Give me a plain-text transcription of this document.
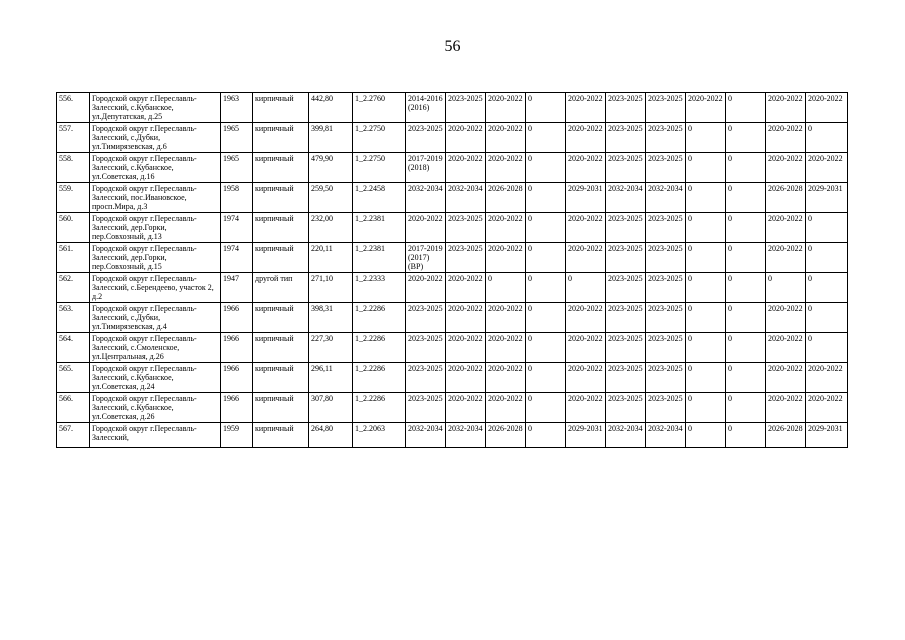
56
556.	Городской округ г.Переславль-Залесский, с.Кубанское, ул.Депутатская, д.25	1963	кирпичный	442,80	1_2.2760	2014-2016 (2016)	2023-2025	2020-2022	0	2020-2022	2023-2025	2023-2025	2020-2022	0	2020-2022	2020-2022
557.	Городской округ г.Переславль-Залесский, с.Дубки, ул.Тимирязевская, д.6	1965	кирпичный	399,81	1_2.2750	2023-2025	2020-2022	2020-2022	0	2020-2022	2023-2025	2023-2025	0	0	2020-2022	0
558.	Городской округ г.Переславль-Залесский, с.Кубанское, ул.Советская, д.16	1965	кирпичный	479,90	1_2.2750	2017-2019 (2018)	2020-2022	2020-2022	0	2020-2022	2023-2025	2023-2025	0	0	2020-2022	2020-2022
559.	Городской округ г.Переславль-Залесский, пос.Ивановское, просп.Мира, д.3	1958	кирпичный	259,50	1_2.2458	2032-2034	2032-2034	2026-2028	0	2029-2031	2032-2034	2032-2034	0	0	2026-2028	2029-2031
560.	Городской округ г.Переславль-Залесский, дер.Горки, пер.Совхозный, д.13	1974	кирпичный	232,00	1_2.2381	2020-2022	2023-2025	2020-2022	0	2020-2022	2023-2025	2023-2025	0	0	2020-2022	0
561.	Городской округ г.Переславль-Залесский, дер.Горки, пер.Совхозный, д.15	1974	кирпичный	220,11	1_2.2381	2017-2019 (2017) (ВР)	2023-2025	2020-2022	0	2020-2022	2023-2025	2023-2025	0	0	2020-2022	0
562.	Городской округ г.Переславль-Залесский, с.Берендеево, участок 2, д.2	1947	другой тип	271,10	1_2.2333	2020-2022	2020-2022	0	0	0	2023-2025	2023-2025	0	0	0	0
563.	Городской округ г.Переславль-Залесский, с.Дубки, ул.Тимирязевская, д.4	1966	кирпичный	398,31	1_2.2286	2023-2025	2020-2022	2020-2022	0	2020-2022	2023-2025	2023-2025	0	0	2020-2022	0
564.	Городской округ г.Переславль-Залесский, с.Смоленское, ул.Центральная, д.26	1966	кирпичный	227,30	1_2.2286	2023-2025	2020-2022	2020-2022	0	2020-2022	2023-2025	2023-2025	0	0	2020-2022	0
565.	Городской округ г.Переславль-Залесский, с.Кубанское, ул.Советская, д.24	1966	кирпичный	296,11	1_2.2286	2023-2025	2020-2022	2020-2022	0	2020-2022	2023-2025	2023-2025	0	0	2020-2022	2020-2022
566.	Городской округ г.Переславль-Залесский, с.Кубанское, ул.Советская, д.26	1966	кирпичный	307,80	1_2.2286	2023-2025	2020-2022	2020-2022	0	2020-2022	2023-2025	2023-2025	0	0	2020-2022	2020-2022
567.	Городской округ г.Переславль-Залесский,	1959	кирпичный	264,80	1_2.2063	2032-2034	2032-2034	2026-2028	0	2029-2031	2032-2034	2032-2034	0	0	2026-2028	2029-2031
